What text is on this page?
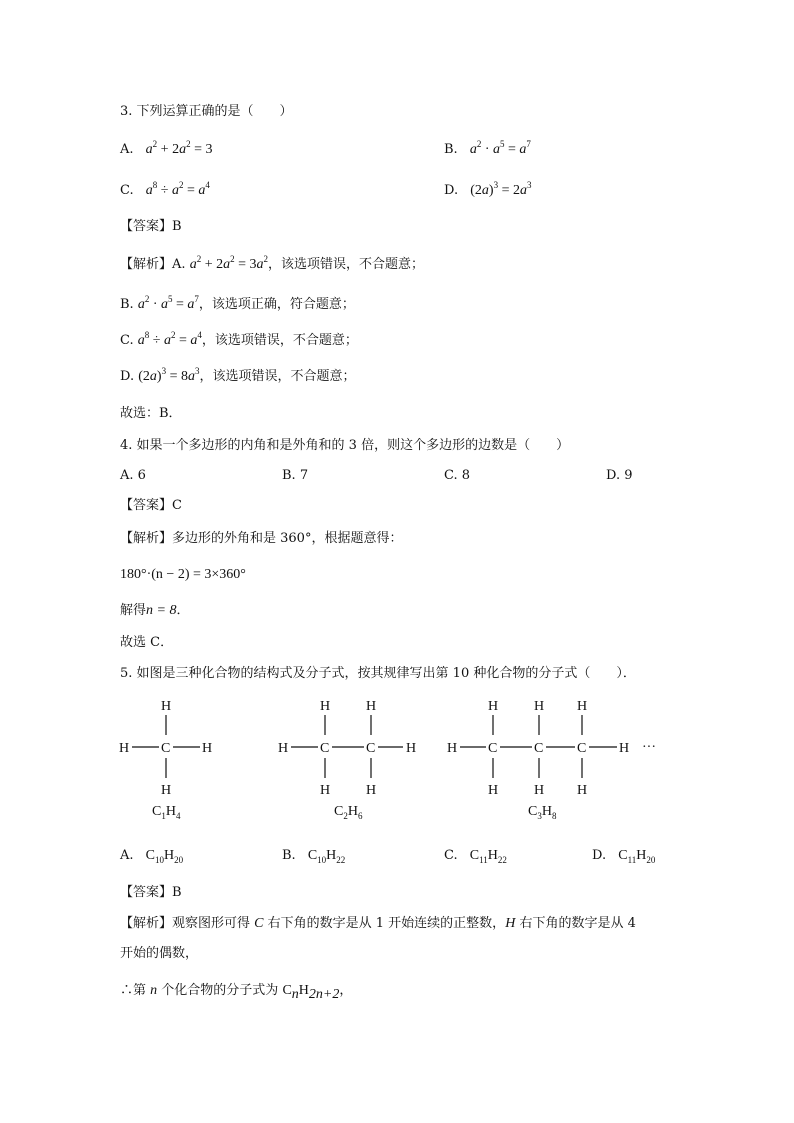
3. 下列运算正确的是（　　）
A. $a^2 + 2a^2 = 3$	B. $a^2 \cdot a^5 = a^7$
C. $a^8 \div a^2 = a^4$	D. $(2a)^3 = 2a^3$
【答案】B
【解析】A. $a^2 + 2a^2 = 3a^2$，该选项错误，不合题意；
B. $a^2 \cdot a^5 = a^7$，该选项正确，符合题意；
C. $a^8 \div a^2 = a^4$，该选项错误，不合题意；
D. $(2a)^3 = 8a^3$，该选项错误，不合题意；
故选：B．
4. 如果一个多边形的内角和是外角和的 3 倍，则这个多边形的边数是（　　）
A. 6	B. 7	C. 8	D. 9
【答案】C
【解析】多边形的外角和是 360°，根据题意得：
180°·(n − 2) = 3×360°
解得n = 8．
故选 C．
5. 如图是三种化合物的结构式及分子式，按其规律写出第 10 种化合物的分子式（　　）．
H
H C H
H
$C_1H_4$
H	H
H C	C H
H	H
$C_2H_6$
H	H H
H C	C C H ···
H	H H
$C_3H_8$
A. $C_{10}H_{20}$	B. $C_{10}H_{22}$	C. $C_{11}H_{22}$	D. $C_{11}H_{20}$
【答案】B
【解析】观察图形可得 C 右下角的数字是从 1 开始连续的正整数，H 右下角的数字是从 4
开始的偶数，
∴第 n 个化合物的分子式为 $C_nH_{2n+2}$，
